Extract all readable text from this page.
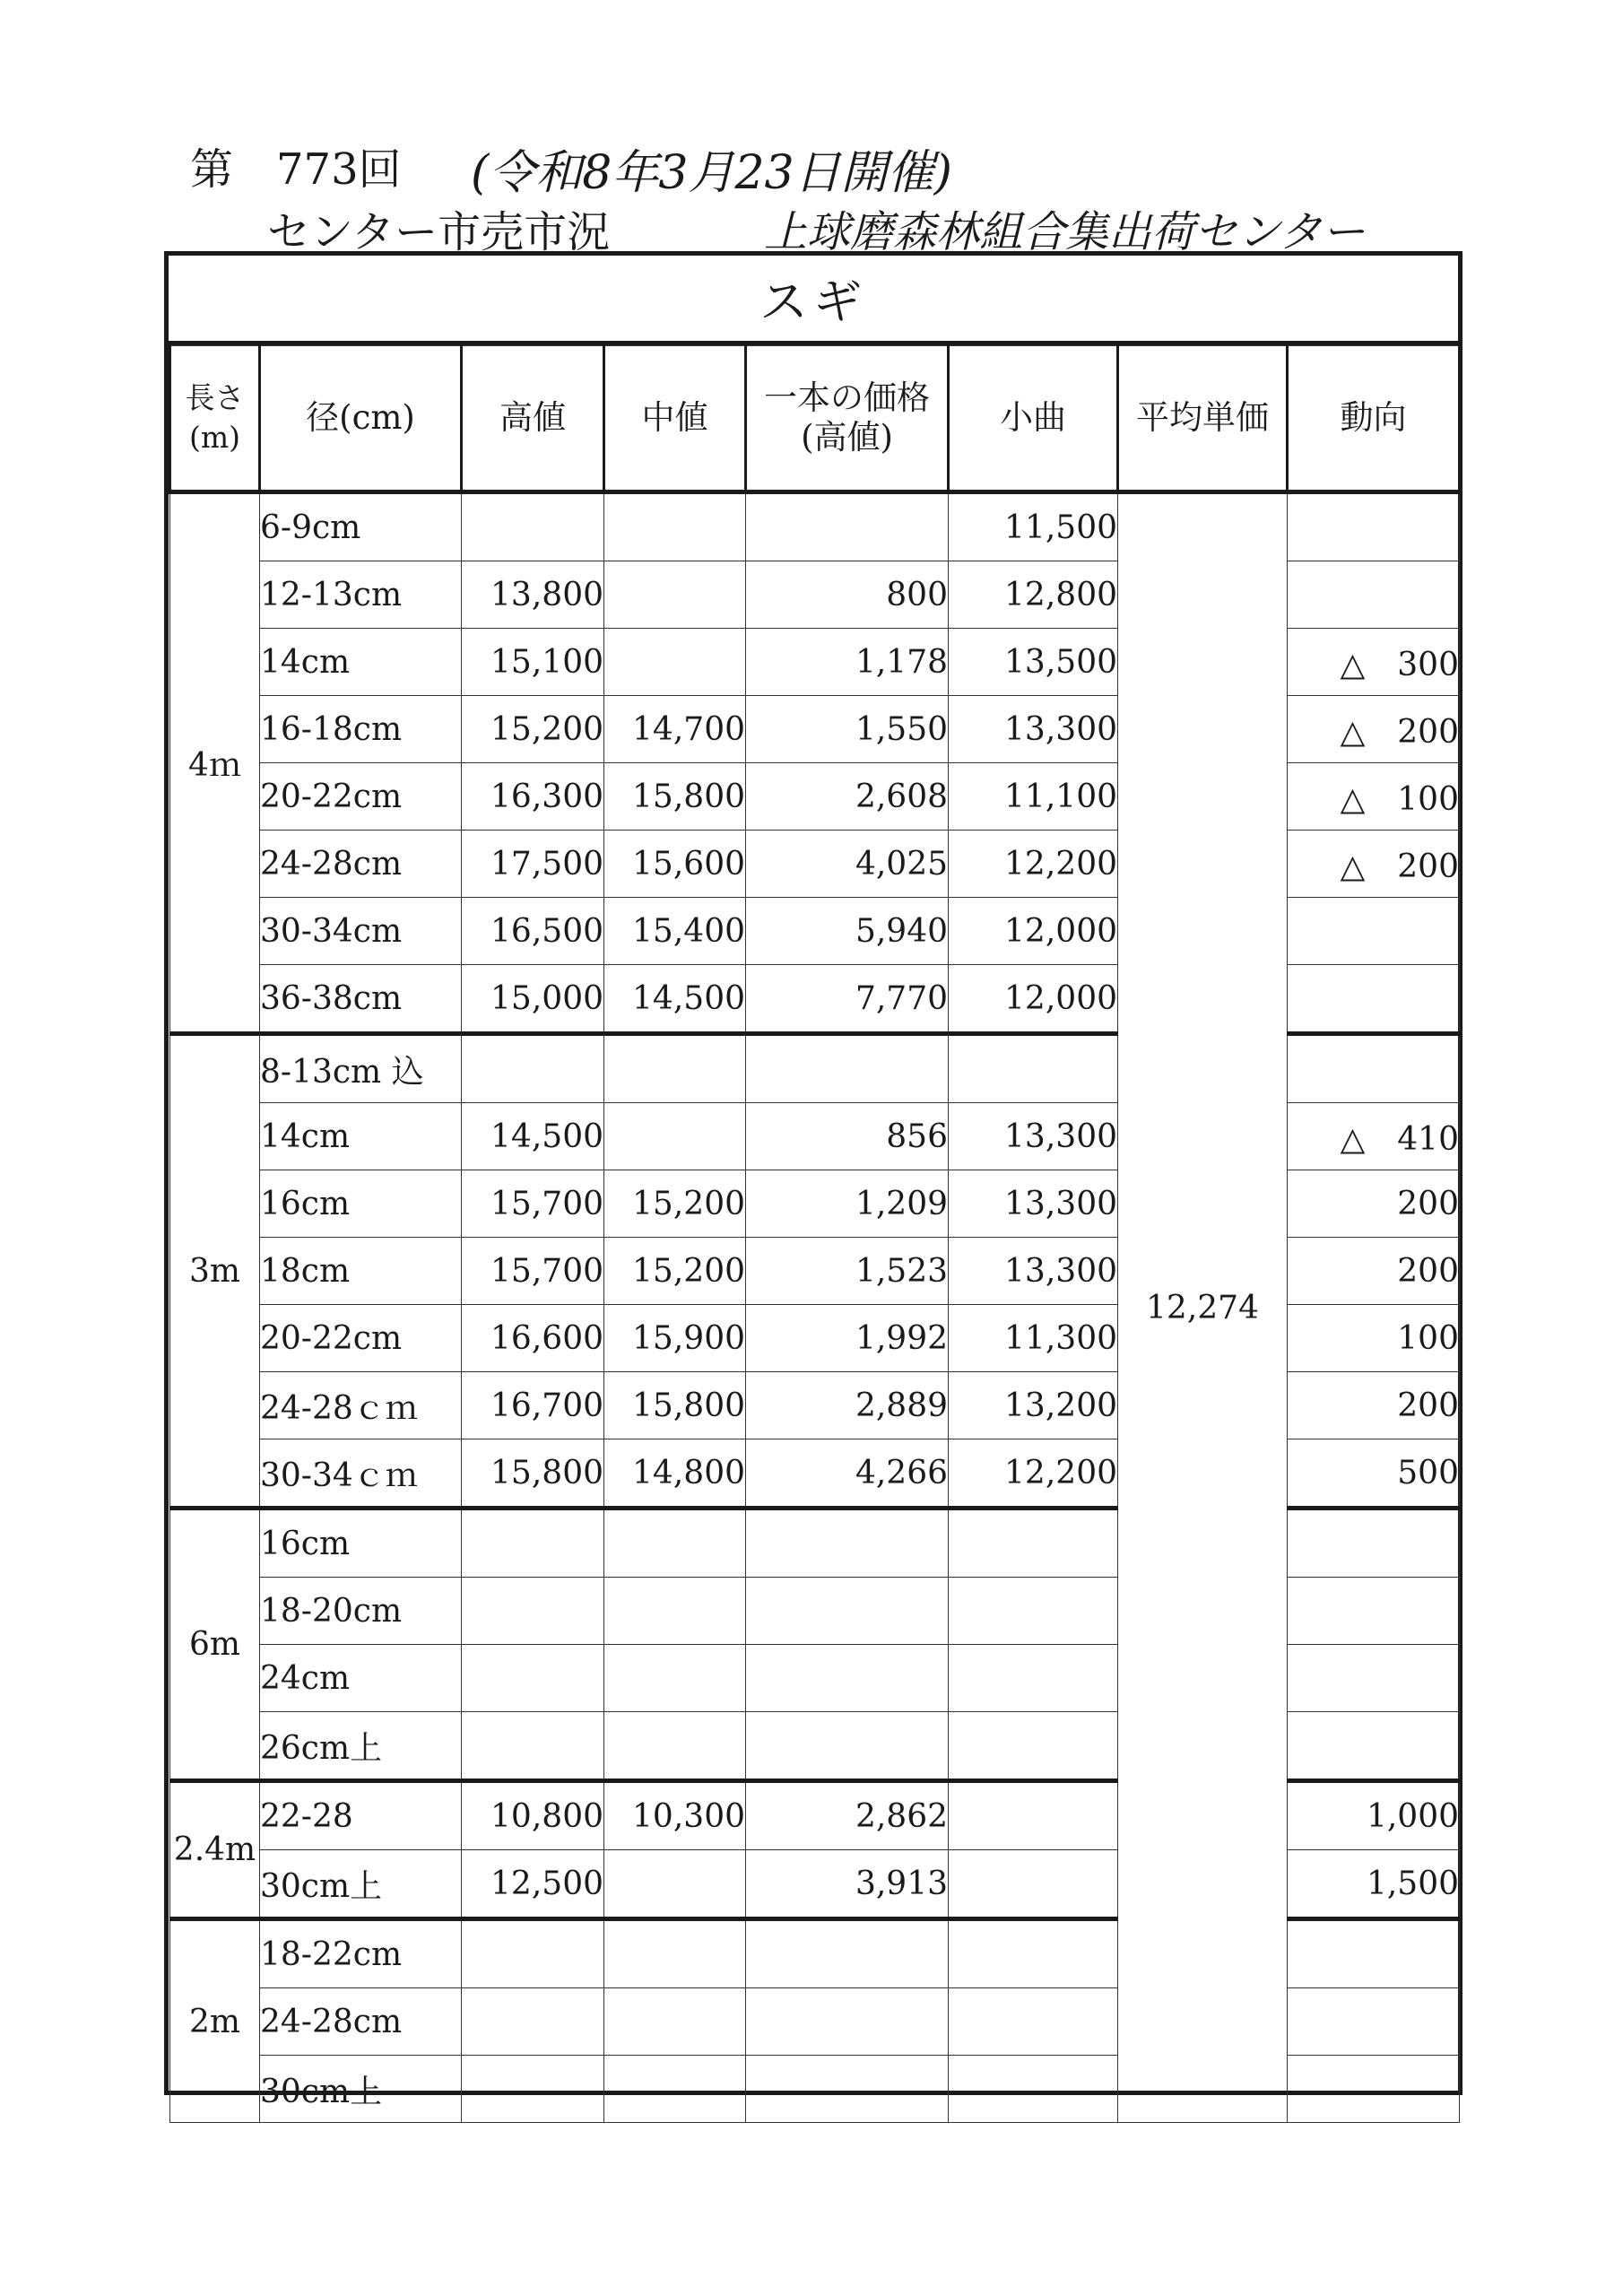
第　773回 (令和8年3月23日開催)
センター市売市況	上球磨森林組合集出荷センター
スギ
長さ (m)	径(cm)	高値	中値	一本の価格 (高値)	小曲	平均単価	動向
4ｍ	6-9cm				11,500	12,274	
	12-13cm	13,800		800	12,800		
	14cm	15,100		1,178	13,500		△　300
	16-18cm	15,200	14,700	1,550	13,300		△　200
	20-22cm	16,300	15,800	2,608	11,100		△　100
	24-28cm	17,500	15,600	4,025	12,200		△　200
	30-34cm	16,500	15,400	5,940	12,000		
	36-38cm	15,000	14,500	7,770	12,000		
3m	8-13cm 込						
	14cm	14,500		856	13,300		△　410
	16cm	15,700	15,200	1,209	13,300		200
	18cm	15,700	15,200	1,523	13,300		200
	20-22cm	16,600	15,900	1,992	11,300		100
	24-28ｃｍ	16,700	15,800	2,889	13,200		200
	30-34ｃｍ	15,800	14,800	4,266	12,200		500
6m	16cm						
	18-20cm						
	24cm						
	26cm上						
2.4m	22-28	10,800	10,300	2,862			1,000
	30cm上	12,500		3,913			1,500
2m	18-22cm						
	24-28cm						
	30cm上						
